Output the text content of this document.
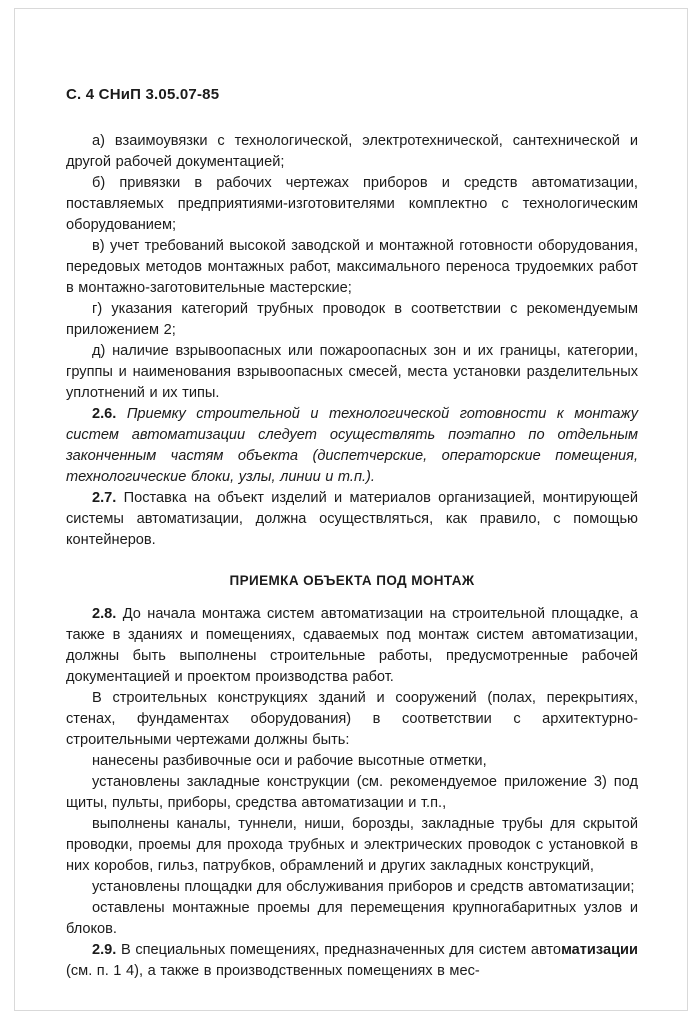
С. 4 СНиП 3.05.07-85

а) взаимоувязки с технологической, электротехнической, сантехнической и другой рабочей документацией;

б) привязки в рабочих чертежах приборов и средств автоматизации, поставляемых предприятиями-изготовителями комплектно с технологическим оборудованием;

в) учет требований высокой заводской и монтажной готовности оборудования, передовых методов монтажных работ, максимального переноса трудоемких работ в монтажно-заготовительные мастерские;

г) указания категорий трубных проводок в соответствии с рекомендуемым приложением 2;

д) наличие взрывоопасных или пожароопасных зон и их границы, категории, группы и наименования взрывоопасных смесей, места установки разделительных уплотнений и их типы.

2.6. Приемку строительной и технологической готовности к монтажу систем автоматизации следует осуществлять поэтапно по отдельным законченным частям объекта (диспетчерские, операторские помещения, технологические блоки, узлы, линии и т.п.).

2.7. Поставка на объект изделий и материалов организацией, монтирующей системы автоматизации, должна осуществляться, как правило, с помощью контейнеров.

ПРИЕМКА ОБЪЕКТА ПОД МОНТАЖ

2.8. До начала монтажа систем автоматизации на строительной площадке, а также в зданиях и помещениях, сдаваемых под монтаж систем автоматизации, должны быть выполнены строительные работы, предусмотренные рабочей документацией и проектом производства работ.

В строительных конструкциях зданий и сооружений (полах, перекрытиях, стенах, фундаментах оборудования) в соответствии с архитектурно-строительными чертежами должны быть:

нанесены разбивочные оси и рабочие высотные отметки,

установлены закладные конструкции (см. рекомендуемое приложение 3) под щиты, пульты, приборы, средства автоматизации и т.п.,

выполнены каналы, туннели, ниши, борозды, закладные трубы для скрытой проводки, проемы для прохода трубных и электрических проводок с установкой в них коробов, гильз, патрубков, обрамлений и других закладных конструкций,

установлены площадки для обслуживания приборов и средств автоматизации;

оставлены монтажные проемы для перемещения крупногабаритных узлов и блоков.

2.9. В специальных помещениях, предназначенных для систем автоматизации (см. п. 1 4), а также в производственных помещениях в мес-
